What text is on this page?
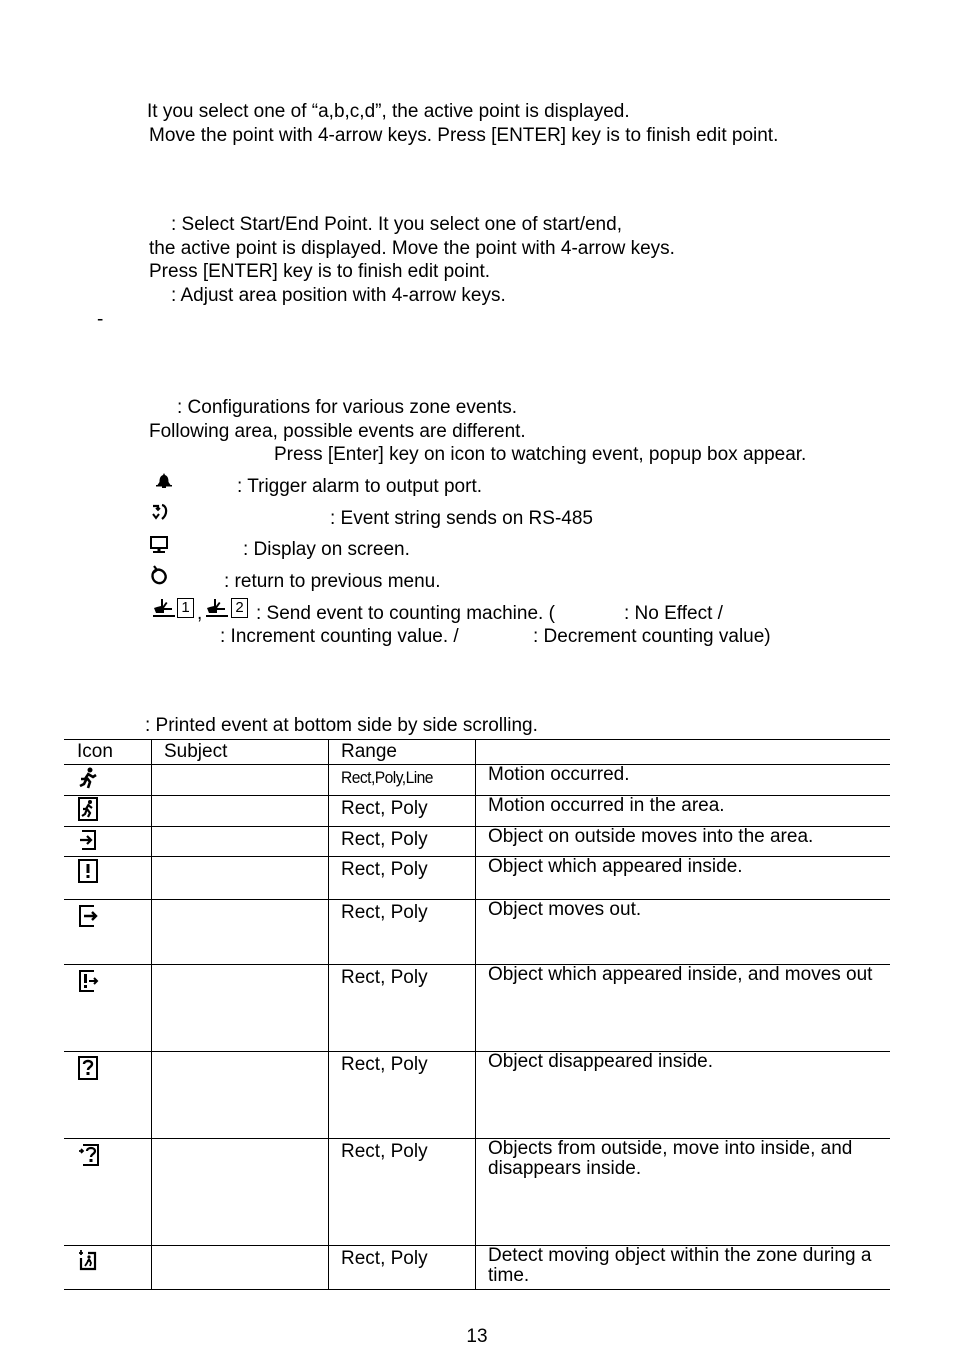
It you select one of “a,b,c,d”, the active point is displayed.
Move the point with 4-arrow keys. Press [ENTER] key is to finish edit point.
: Select Start/End Point. It you select one of start/end,
the active point is displayed. Move the point with 4-arrow keys.
Press [ENTER] key is to finish edit point.
: Adjust area position with 4-arrow keys.
-
: Configurations for various zone events.
Following area, possible events are different.
Press [Enter] key on icon to watching event, popup box appear.
: Trigger alarm to output port.
: Event string sends on RS-485
: Display on screen.
: return to previous menu.
1 , 2 : Send event to counting machine. (	: No Effect /
: Increment counting value. /	: Decrement counting value)
: Printed event at bottom side by side scrolling.
Icon	Subject	Range	
		Rect,Poly,Line	Motion occurred.
		Rect, Poly	Motion occurred in the area.
		Rect, Poly	Object on outside moves into the area.
		Rect, Poly	Object which appeared inside.
		Rect, Poly	Object moves out.
		Rect, Poly	Object which appeared inside, and moves out
		Rect, Poly	Object disappeared inside.
		Rect, Poly	Objects from outside, move into inside, and disappears inside.
		Rect, Poly	Detect moving object within the zone during a time.
13
